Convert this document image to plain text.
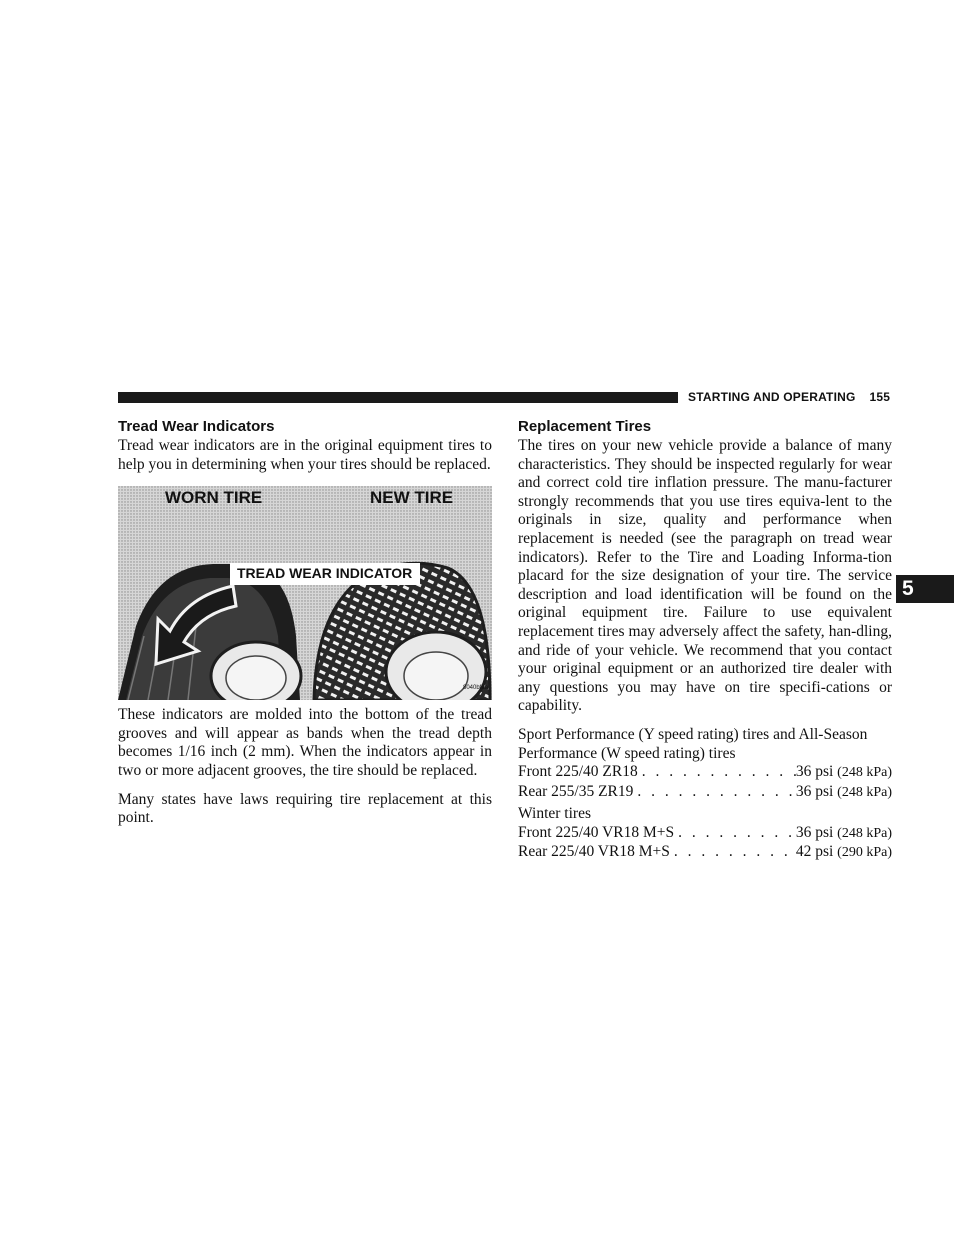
STARTING AND OPERATING 155
5
Tread Wear Indicators

Tread wear indicators are in the original equipment tires to help you in determining when your tires should be replaced.

WORN TIRE	NEW TIRE
TREAD WEAR INDICATOR
8040bfaa

These indicators are molded into the bottom of the tread grooves and will appear as bands when the tread depth becomes 1/16 inch (2 mm). When the indicators appear in two or more adjacent grooves, the tire should be replaced.

Many states have laws requiring tire replacement at this point.

Replacement Tires

The tires on your new vehicle provide a balance of many characteristics. They should be inspected regularly for wear and correct cold tire inflation pressure. The manu-facturer strongly recommends that you use tires equiva-lent to the originals in size, quality and performance when replacement is needed (see the paragraph on tread wear indicators). Refer to the Tire and Loading Informa-tion placard for the size designation of your tire. The service description and load identification will be found on the original equipment tire. Failure to use equivalent replacement tires may adversely affect the safety, han-dling, and ride of your vehicle. We recommend that you contact your original equipment or an authorized tire dealer with any questions you may have on tire specifi-cations or capability.

Sport Performance (Y speed rating) tires and All-Season Performance (W speed rating) tires
Front 225/40 ZR18 . . .	36 psi (248 kPa)
Rear 255/35 ZR19 . . .	36 psi (248 kPa)
Winter tires
Front 225/40 VR18 M+S . . .	36 psi (248 kPa)
Rear 225/40 VR18 M+S . . .	42 psi (290 kPa)
